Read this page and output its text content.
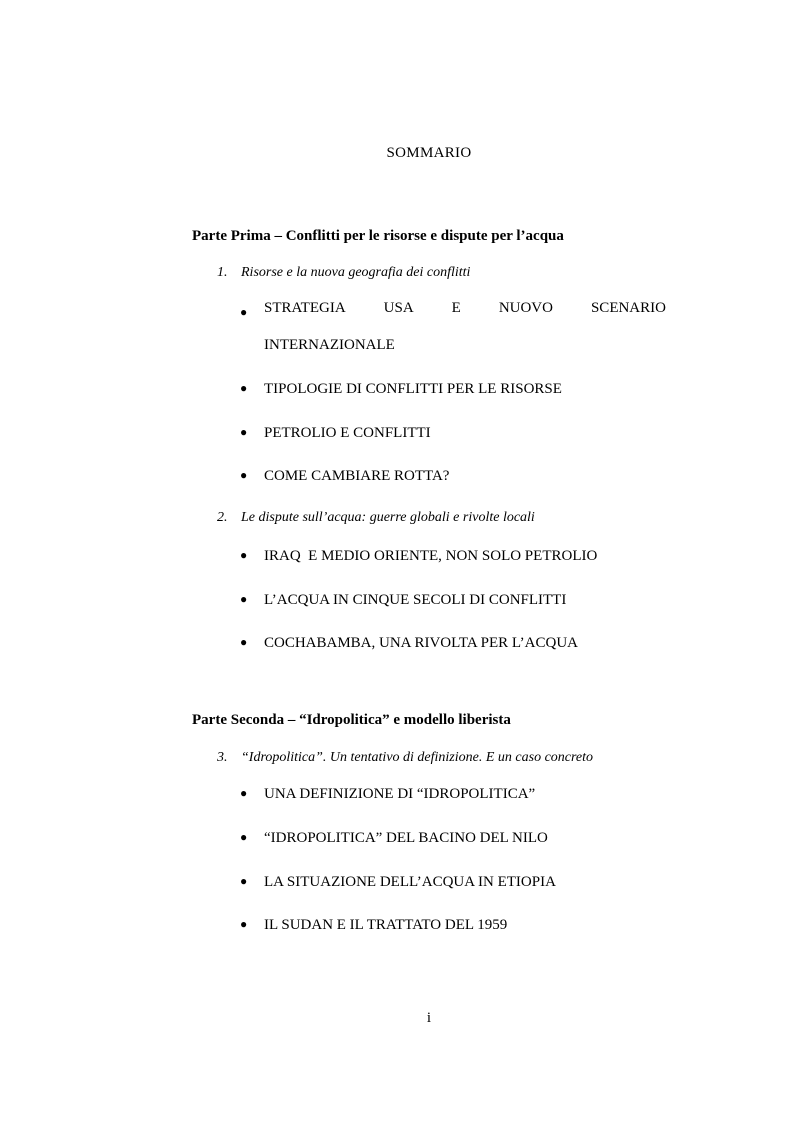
SOMMARIO
Parte Prima – Conflitti per le risorse e dispute per l’acqua
1. Risorse e la nuova geografia dei conflitti
● STRATEGIA	USA	E	NUOVO	SCENARIO
INTERNAZIONALE
● TIPOLOGIE DI CONFLITTI PER LE RISORSE
● PETROLIO E CONFLITTI
● COME CAMBIARE ROTTA?
2. Le dispute sull’acqua: guerre globali e rivolte locali
● IRAQ  E MEDIO ORIENTE, NON SOLO PETROLIO
● L’ACQUA IN CINQUE SECOLI DI CONFLITTI
● COCHABAMBA, UNA RIVOLTA PER L’ACQUA
Parte Seconda – “Idropolitica” e modello liberista
3. “Idropolitica”. Un tentativo di definizione. E un caso concreto
● UNA DEFINIZIONE DI “IDROPOLITICA”
● “IDROPOLITICA” DEL BACINO DEL NILO
● LA SITUAZIONE DELL’ACQUA IN ETIOPIA
● IL SUDAN E IL TRATTATO DEL 1959
i
